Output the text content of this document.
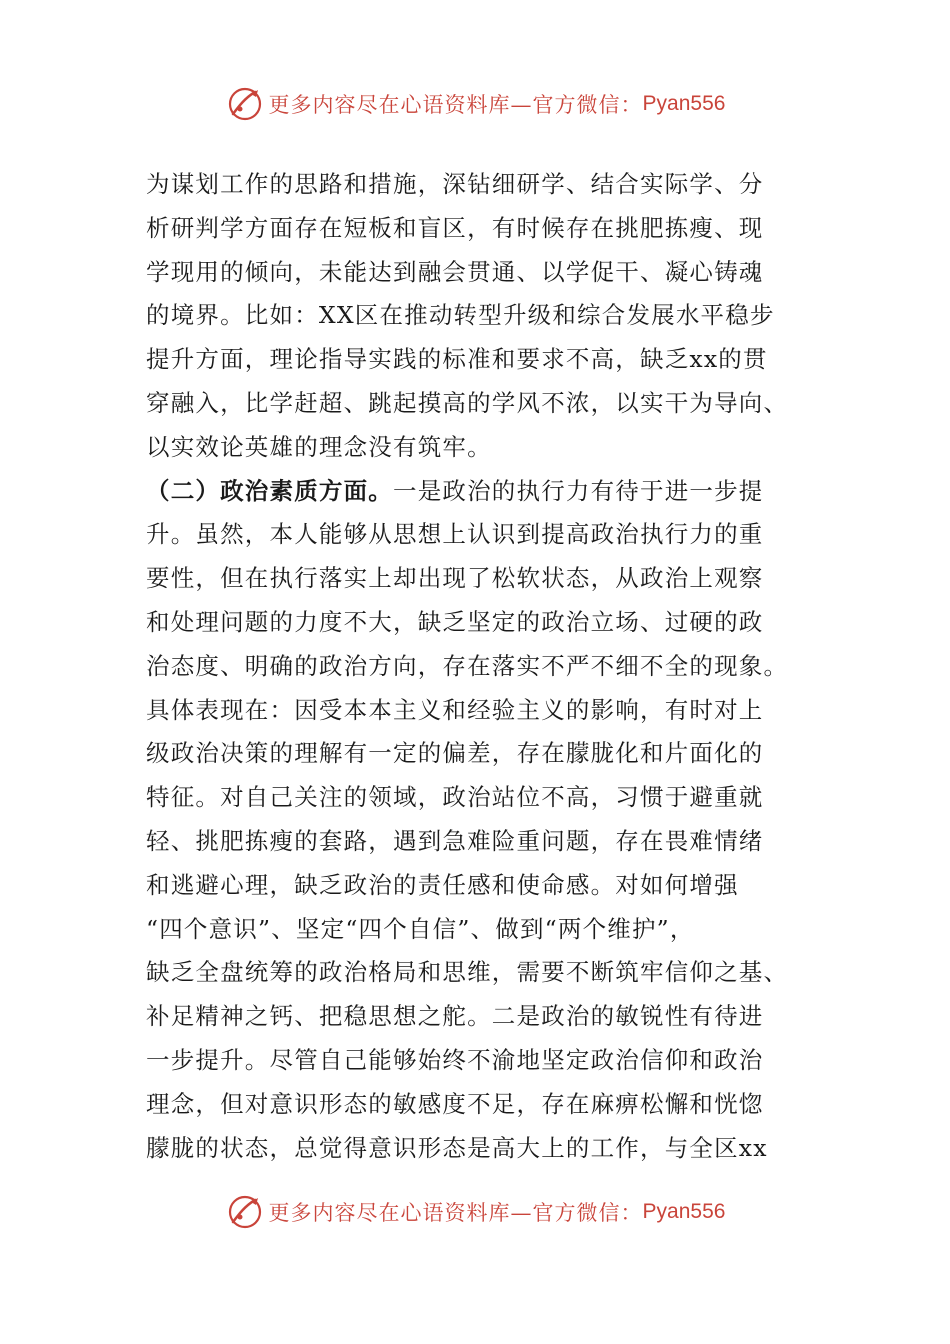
更多内容尽在心语资料库—官方微信： Pyan556
为谋划工作的思路和措施，深钻细研学、结合实际学、分
析研判学方面存在短板和盲区，有时候存在挑肥拣瘦、现
学现用的倾向，未能达到融会贯通、以学促干、凝心铸魂
的境界。比如：XX区在推动转型升级和综合发展水平稳步
提升方面，理论指导实践的标准和要求不高，缺乏xx的贯
穿融入，比学赶超、跳起摸高的学风不浓，以实干为导向、
以实效论英雄的理念没有筑牢。
（二）政治素质方面。一是政治的执行力有待于进一步提
升。虽然，本人能够从思想上认识到提高政治执行力的重
要性，但在执行落实上却出现了松软状态，从政治上观察
和处理问题的力度不大，缺乏坚定的政治立场、过硬的政
治态度、明确的政治方向，存在落实不严不细不全的现象。
具体表现在：因受本本主义和经验主义的影响，有时对上
级政治决策的理解有一定的偏差，存在朦胧化和片面化的
特征。对自己关注的领域，政治站位不高，习惯于避重就
轻、挑肥拣瘦的套路，遇到急难险重问题，存在畏难情绪
和逃避心理，缺乏政治的责任感和使命感。对如何增强
“四个意识”、坚定“四个自信”、做到“两个维护”，
缺乏全盘统筹的政治格局和思维，需要不断筑牢信仰之基、
补足精神之钙、把稳思想之舵。二是政治的敏锐性有待进
一步提升。尽管自己能够始终不渝地坚定政治信仰和政治
理念，但对意识形态的敏感度不足，存在麻痹松懈和恍惚
朦胧的状态，总觉得意识形态是高大上的工作，与全区xx
更多内容尽在心语资料库—官方微信： Pyan556
